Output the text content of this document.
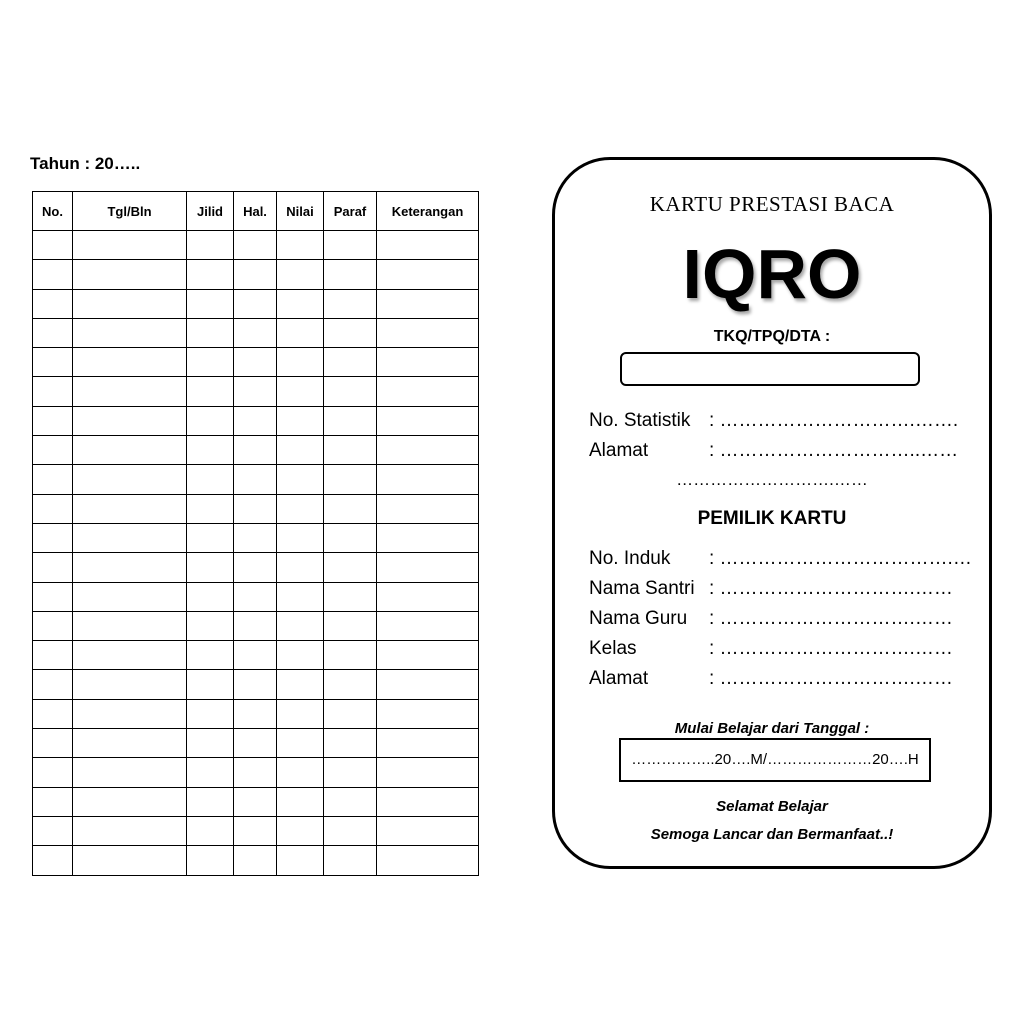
Tahun : 20…..
No.	Tgl/Bln	Jilid	Hal.	Nilai	Paraf	Keterangan

							KARTU PRESTASI BACA
IQRO
TKQ/TPQ/DTA :
No. Statistik : ………………………….…….
Alamat	: …………………………..……
……………………….……
PEMILIK KARTU
No. Induk : ……………………………….…
Nama Santri : ………………………….……
Nama Guru : ………………………….……
Kelas	: ………………………….……
Alamat	: ………………………….……
Mulai Belajar dari Tanggal :
……………..20….M/…………………20….H
Selamat Belajar
Semoga Lancar dan Bermanfaat..!
